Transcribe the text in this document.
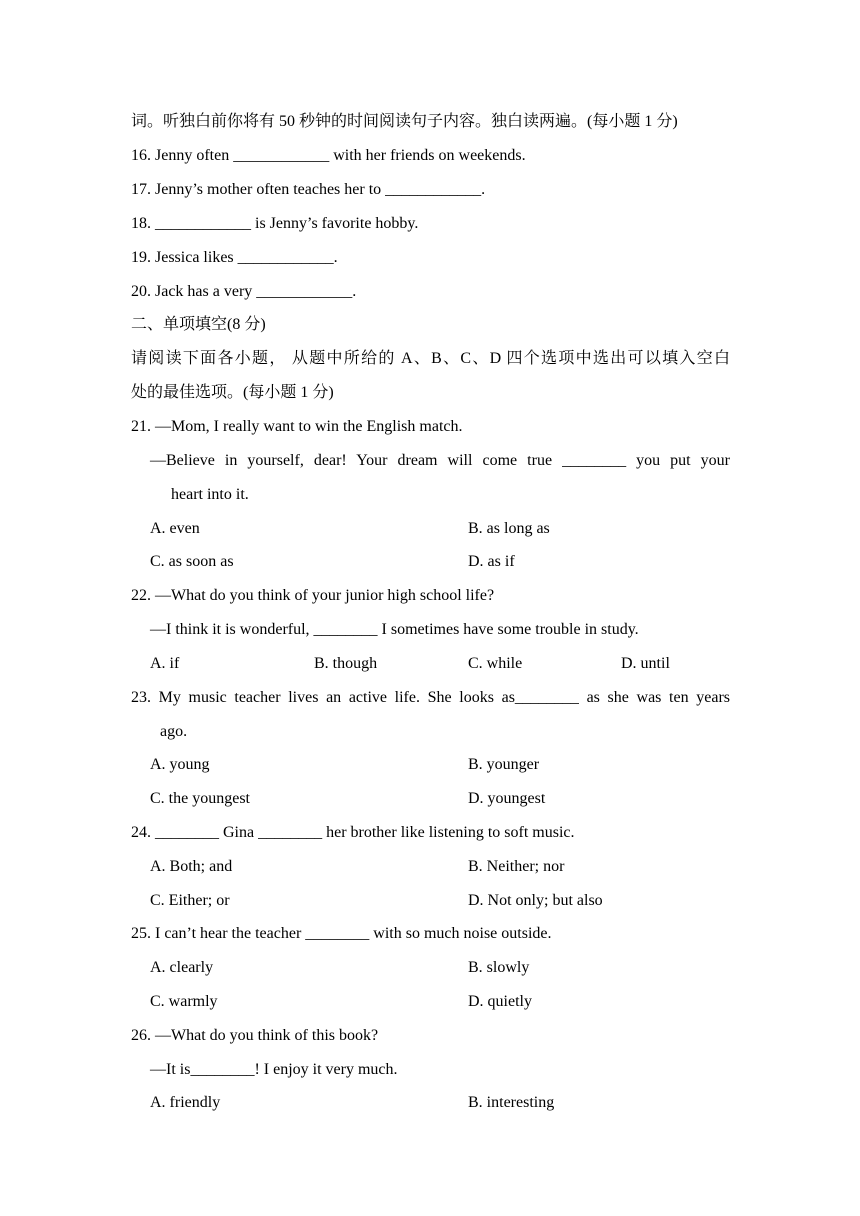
词。听独白前你将有 50 秒钟的时间阅读句子内容。独白读两遍。(每小题 1 分)
16. Jenny often ____________ with her friends on weekends.
17. Jenny’s mother often teaches her to ____________.
18. ____________ is Jenny’s favorite hobby.
19. Jessica likes ____________.
20. Jack has a very ____________.
二、单项填空(8 分)
请阅读下面各小题， 从题中所给的 A、B、C、D 四个选项中选出可以填入空白
处的最佳选项。(每小题 1 分)
21. —Mom, I really want to win the English match.
—Believe in yourself, dear! Your dream will come true ________ you put your
heart into it.
A. even	B. as long as
C. as soon as	D. as if
22. —What do you think of your junior high school life?
—I think it is wonderful, ________ I sometimes have some trouble in study.
A. if	B. though	C. while	D. until
23. My music teacher lives an active life. She looks as________ as she was ten years
ago.
A. young	B. younger
C. the youngest	D. youngest
24. ________ Gina ________ her brother like listening to soft music.
A. Both; and	B. Neither; nor
C. Either; or	D. Not only; but also
25. I can’t hear the teacher ________ with so much noise outside.
A. clearly	B. slowly
C. warmly	D. quietly
26. —What do you think of this book?
—It is________! I enjoy it very much.
A. friendly	B. interesting
